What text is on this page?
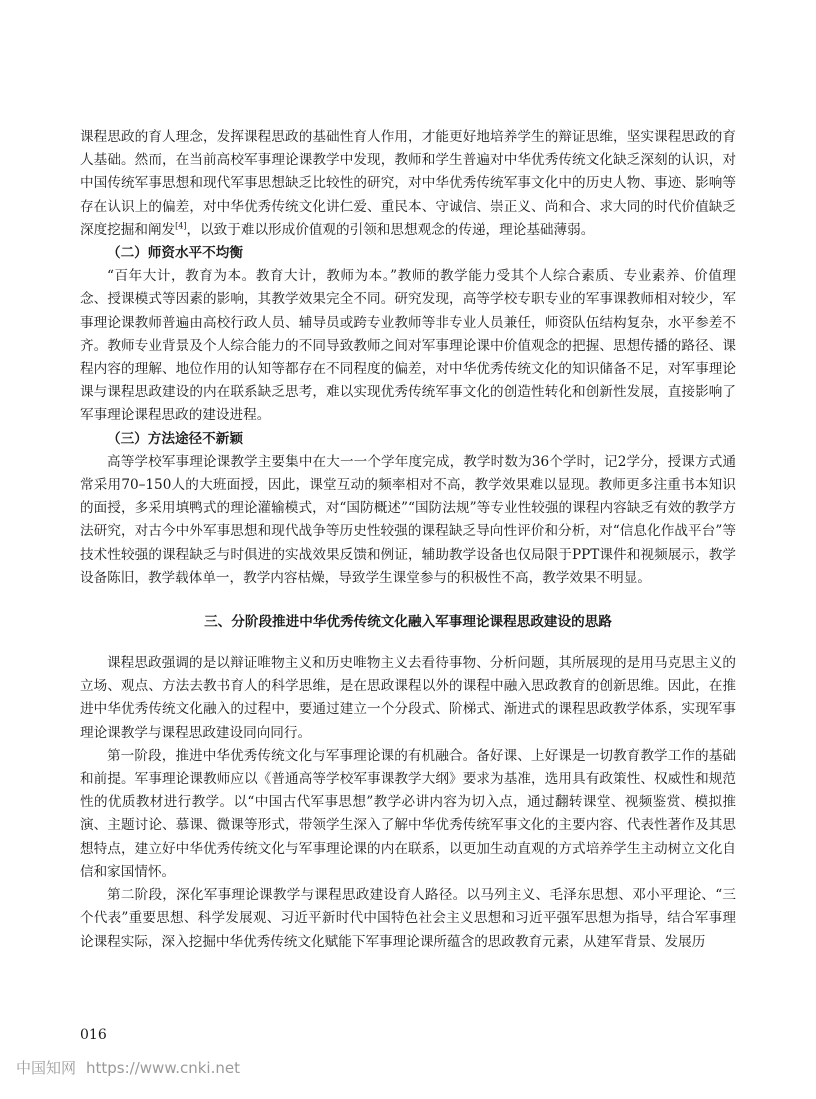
课程思政的育人理念，发挥课程思政的基础性育人作用，才能更好地培养学生的辩证思维，坚实课程思政的育人基础。然而，在当前高校军事理论课教学中发现，教师和学生普遍对中华优秀传统文化缺乏深刻的认识，对中国传统军事思想和现代军事思想缺乏比较性的研究，对中华优秀传统军事文化中的历史人物、事迹、影响等存在认识上的偏差，对中华优秀传统文化讲仁爱、重民本、守诚信、崇正义、尚和合、求大同的时代价值缺乏深度挖掘和阐发[4]，以致于难以形成价值观的引领和思想观念的传递，理论基础薄弱。

（二）师资水平不均衡

“百年大计，教育为本。教育大计，教师为本。”教师的教学能力受其个人综合素质、专业素养、价值理念、授课模式等因素的影响，其教学效果完全不同。研究发现，高等学校专职专业的军事课教师相对较少，军事理论课教师普遍由高校行政人员、辅导员或跨专业教师等非专业人员兼任，师资队伍结构复杂，水平参差不齐。教师专业背景及个人综合能力的不同导致教师之间对军事理论课中价值观念的把握、思想传播的路径、课程内容的理解、地位作用的认知等都存在不同程度的偏差，对中华优秀传统文化的知识储备不足，对军事理论课与课程思政建设的内在联系缺乏思考，难以实现优秀传统军事文化的创造性转化和创新性发展，直接影响了军事理论课程思政的建设进程。

（三）方法途径不新颖

高等学校军事理论课教学主要集中在大一一个学年度完成，教学时数为36个学时，记2学分，授课方式通常采用70–150人的大班面授，因此，课堂互动的频率相对不高，教学效果难以显现。教师更多注重书本知识的面授，多采用填鸭式的理论灌输模式，对“国防概述”“国防法规”等专业性较强的课程内容缺乏有效的教学方法研究，对古今中外军事思想和现代战争等历史性较强的课程缺乏导向性评价和分析，对“信息化作战平台”等技术性较强的课程缺乏与时俱进的实战效果反馈和例证，辅助教学设备也仅局限于PPT课件和视频展示，教学设备陈旧，教学载体单一，教学内容枯燥，导致学生课堂参与的积极性不高，教学效果不明显。

三、分阶段推进中华优秀传统文化融入军事理论课程思政建设的思路

课程思政强调的是以辩证唯物主义和历史唯物主义去看待事物、分析问题，其所展现的是用马克思主义的立场、观点、方法去教书育人的科学思维，是在思政课程以外的课程中融入思政教育的创新思维。因此，在推进中华优秀传统文化融入的过程中，要通过建立一个分段式、阶梯式、渐进式的课程思政教学体系，实现军事理论课教学与课程思政建设同向同行。

第一阶段，推进中华优秀传统文化与军事理论课的有机融合。备好课、上好课是一切教育教学工作的基础和前提。军事理论课教师应以《普通高等学校军事课教学大纲》要求为基准，选用具有政策性、权威性和规范性的优质教材进行教学。以“中国古代军事思想”教学必讲内容为切入点，通过翻转课堂、视频鉴赏、模拟推演、主题讨论、慕课、微课等形式，带领学生深入了解中华优秀传统军事文化的主要内容、代表性著作及其思想特点，建立好中华优秀传统文化与军事理论课的内在联系，以更加生动直观的方式培养学生主动树立文化自信和家国情怀。

第二阶段，深化军事理论课教学与课程思政建设育人路径。以马列主义、毛泽东思想、邓小平理论、“三个代表”重要思想、科学发展观、习近平新时代中国特色社会主义思想和习近平强军思想为指导，结合军事理论课程实际，深入挖掘中华优秀传统文化赋能下军事理论课所蕴含的思政教育元素，从建军背景、发展历

016
中国知网 https://www.cnki.net
